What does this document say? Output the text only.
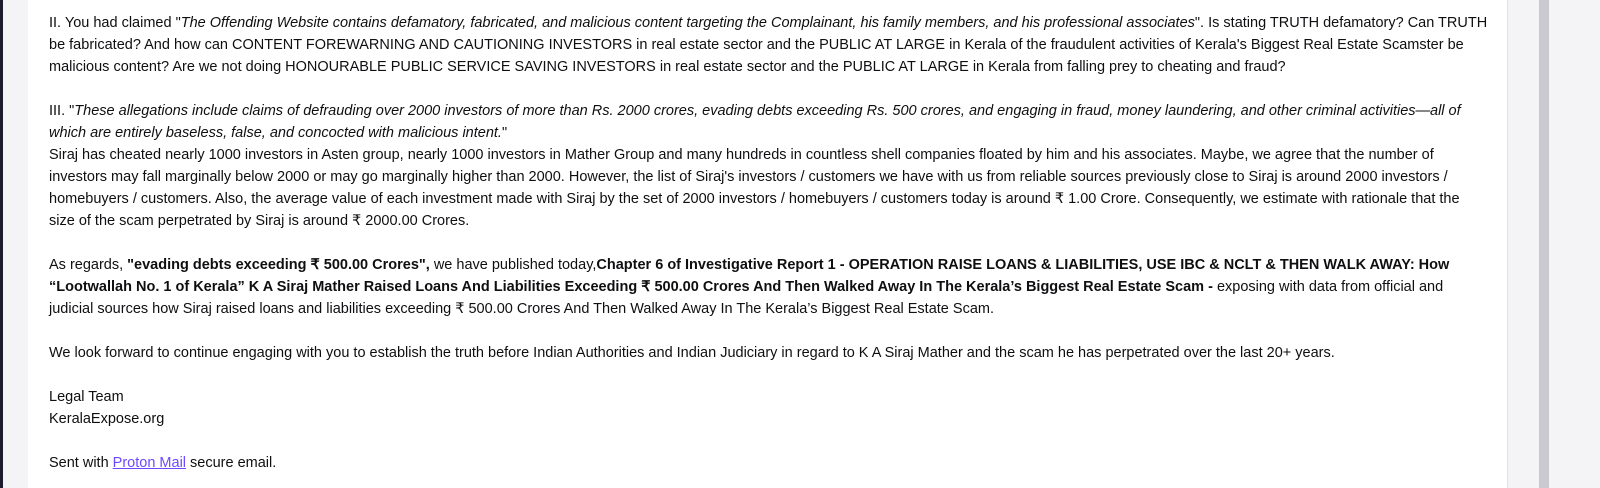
II. You had claimed "The Offending Website contains defamatory, fabricated, and malicious content targeting the Complainant, his family members, and his professional associates". Is stating TRUTH defamatory? Can TRUTH be fabricated? And how can CONTENT FOREWARNING AND CAUTIONING INVESTORS in real estate sector and the PUBLIC AT LARGE in Kerala of the fraudulent activities of Kerala's Biggest Real Estate Scamster be malicious content? Are we not doing HONOURABLE PUBLIC SERVICE SAVING INVESTORS in real estate sector and the PUBLIC AT LARGE in Kerala from falling prey to cheating and fraud?

III. "These allegations include claims of defrauding over 2000 investors of more than Rs. 2000 crores, evading debts exceeding Rs. 500 crores, and engaging in fraud, money laundering, and other criminal activities—all of which are entirely baseless, false, and concocted with malicious intent."

Siraj has cheated nearly 1000 investors in Asten group, nearly 1000 investors in Mather Group and many hundreds in countless shell companies floated by him and his associates. Maybe, we agree that the number of investors may fall marginally below 2000 or may go marginally higher than 2000. However, the list of Siraj's investors / customers we have with us from reliable sources previously close to Siraj is around 2000 investors / homebuyers / customers. Also, the average value of each investment made with Siraj by the set of 2000 investors / homebuyers / customers today is around ₹ 1.00 Crore. Consequently, we estimate with rationale that the size of the scam perpetrated by Siraj is around ₹ 2000.00 Crores.

As regards, "evading debts exceeding ₹ 500.00 Crores", we have published today,Chapter 6 of Investigative Report 1 - OPERATION RAISE LOANS & LIABILITIES, USE IBC & NCLT & THEN WALK AWAY: How “Lootwallah No. 1 of Kerala” K A Siraj Mather Raised Loans And Liabilities Exceeding ₹ 500.00 Crores And Then Walked Away In The Kerala’s Biggest Real Estate Scam - exposing with data from official and judicial sources how Siraj raised loans and liabilities exceeding ₹ 500.00 Crores And Then Walked Away In The Kerala’s Biggest Real Estate Scam.

We look forward to continue engaging with you to establish the truth before Indian Authorities and Indian Judiciary in regard to K A Siraj Mather and the scam he has perpetrated over the last 20+ years.

Legal Team
KeralaExpose.org

Sent with Proton Mail secure email.
